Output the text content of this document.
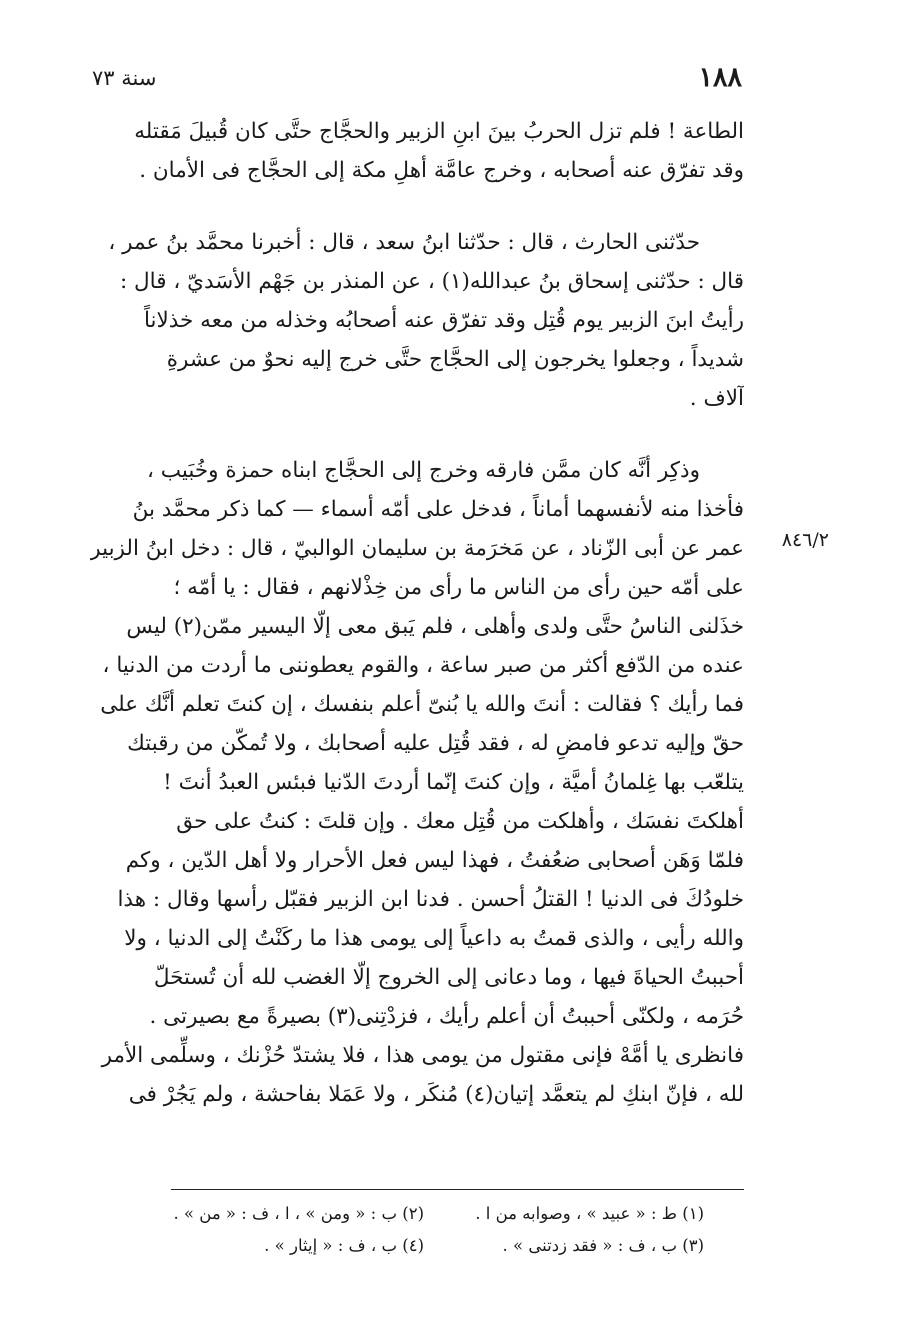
١٨٨
سنة ٧٣
الطاعة ! فلم تزل الحربُ بينَ ابنِ الزبير والحجَّاج حتَّى كان قُبيلَ مَقتله
وقد تفرّق عنه أصحابه ، وخرج عامَّة أهلِ مكة إلى الحجَّاج فى الأمان .
حدّثنى الحارث ، قال : حدّثنا ابنُ سعد ، قال : أخبرنا محمَّد بنُ عمر ،
قال : حدّثنى إسحاق بنُ عبدالله(١) ، عن المنذر بن جَهْم الأسَديّ ، قال :
رأيتُ ابنَ الزبير يوم قُتِل وقد تفرّق عنه أصحابُه وخذله من معه خذلاناً
شديداً ، وجعلوا يخرجون إلى الحجَّاج حتَّى خرج إليه نحوٌ من عشرةِ
آلاف .
وذكِر أنَّه كان ممَّن فارقه وخرج إلى الحجَّاج ابناه حمزة وخُبَيب ،
فأخذا منه لأنفسهما أماناً ، فدخل على أمّه أسماء — كما ذكر محمَّد بنُ
٨٤٦/٢
عمر عن أبى الزّناد ، عن مَخرَمة بن سليمان الوالبيّ ، قال : دخل ابنُ الزبير
على أمّه حين رأى من الناس ما رأى من خِذْلانهم ، فقال : يا أمّه ؛
خذَلنى الناسُ حتَّى ولدى وأهلى ، فلم يَبق معى إلّا اليسير ممّن(٢) ليس
عنده من الدّفع أكثر من صبر ساعة ، والقوم يعطوننى ما أردت من الدنيا ،
فما رأيك ؟ فقالت : أنتَ والله يا بُنىّ أعلم بنفسك ، إن كنتَ تعلم أنَّك على
حقّ وإليه تدعو فامضِ له ، فقد قُتِل عليه أصحابك ، ولا تُمكّن من رقبتك
يتلعّب بها غِلمانُ أميَّة ، وإن كنتَ إنّما أردتَ الدّنيا فبئس العبدُ أنتَ !
أهلكتَ نفسَك ، وأهلكت من قُتِل معك . وإن قلتَ : كنتُ على حق
فلمّا وَهَن أصحابى ضعُفتُ ، فهذا ليس فعل الأحرار ولا أهل الدّين ، وكم
خلودُكَ فى الدنيا ! القتلُ أحسن . فدنا ابن الزبير فقبّل رأسها وقال : هذا
والله رأيى ، والذى قمتُ به داعياً إلى يومى هذا ما ركَنْتُ إلى الدنيا ، ولا
أحببتُ الحياةَ فيها ، وما دعانى إلى الخروج إلّا الغضب لله أن تُستحَلّ
حُرَمه ، ولكنّى أحببتُ أن أعلم رأيك ، فزدْتِنى(٣) بصيرةً مع بصيرتى .
فانظرى يا أمَّهْ فإنى مقتول من يومى هذا ، فلا يشتدّ حُزْنك ، وسلِّمى الأمر
لله ، فإنّ ابنكِ لم يتعمَّد إتيان(٤) مُنكَر ، ولا عَمَلا بفاحشة ، ولم يَجُرْ فى
(١) ط : « عبيد » ، وصوابه من ا .
(٢) ب : « ومن » ، ا ، ف : « من » .
(٣) ب ، ف : « فقد زدتنى » .
(٤) ب ، ف : « إيثار » .
